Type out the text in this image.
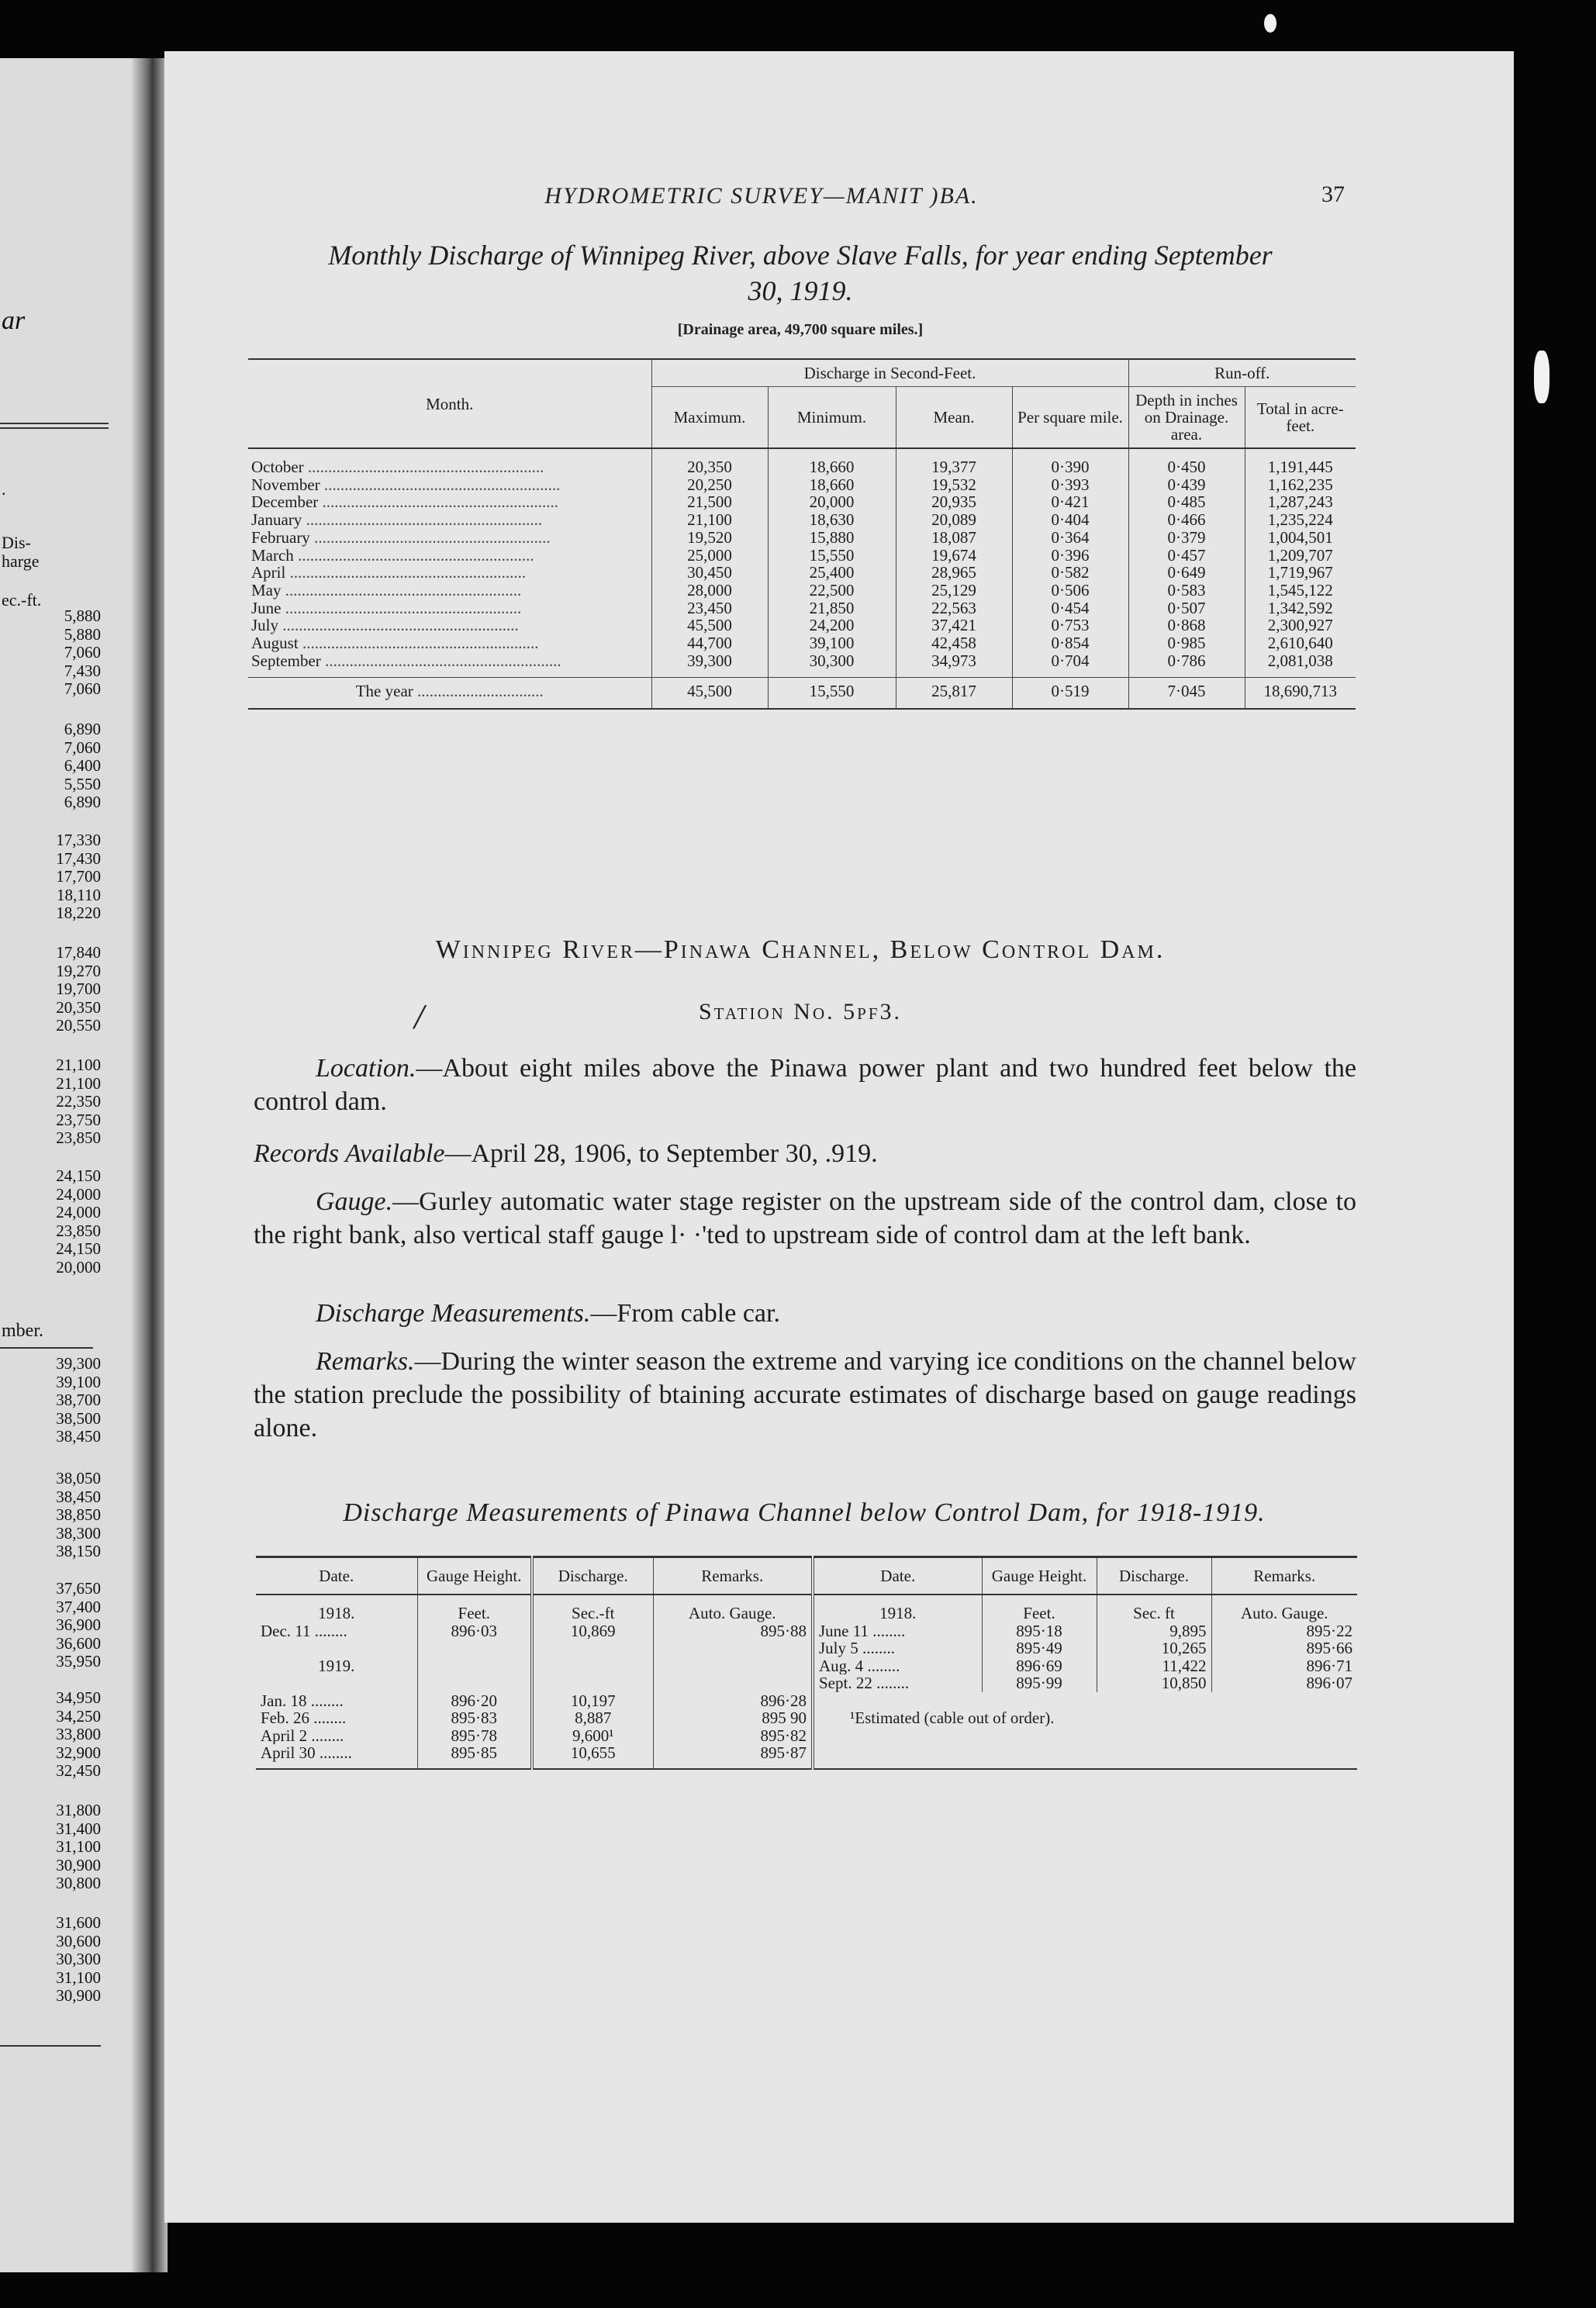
ar
.
Dis-
harge
ec.-ft.
5,880
5,880
7,060
7,430
7,060
6,890
7,060
6,400
5,550
6,890
17,330
17,430
17,700
18,110
18,220
17,840
19,270
19,700
20,350
20,550
21,100
21,100
22,350
23,750
23,850
24,150
24,000
24,000
23,850
24,150
20,000
mber.
39,300
39,100
38,700
38,500
38,450
38,050
38,450
38,850
38,300
38,150
37,650
37,400
36,900
36,600
35,950
34,950
34,250
33,800
32,900
32,450
31,800
31,400
31,100
30,900
30,800
31,600
30,600
30,300
31,100
30,900
HYDROMETRIC SURVEY—MANIT )BA.	37
Monthly Discharge of Winnipeg River, above Slave Falls, for year ending September
30, 1919.
[Drainage area, 49,700 square miles.]
Month.	Discharge in Second-Feet.				Run-off.	
	Maximum.	Minimum.	Mean.	Per square mile.	Depth in inches on Drainage. area.	Total in acre-feet.
October ..........................................................	20,350	18,660	19,377	0·390	0·450	1,191,445
November ..........................................................	20,250	18,660	19,532	0·393	0·439	1,162,235
December ..........................................................	21,500	20,000	20,935	0·421	0·485	1,287,243
January ..........................................................	21,100	18,630	20,089	0·404	0·466	1,235,224
February ..........................................................	19,520	15,880	18,087	0·364	0·379	1,004,501
March ..........................................................	25,000	15,550	19,674	0·396	0·457	1,209,707
April ..........................................................	30,450	25,400	28,965	0·582	0·649	1,719,967
May ..........................................................	28,000	22,500	25,129	0·506	0·583	1,545,122
June ..........................................................	23,450	21,850	22,563	0·454	0·507	1,342,592
July ..........................................................	45,500	24,200	37,421	0·753	0·868	2,300,927
August ..........................................................	44,700	39,100	42,458	0·854	0·985	2,610,640
September ..........................................................	39,300	30,300	34,973	0·704	0·786	2,081,038
The year ...............................	45,500	15,550	25,817	0·519	7·045	18,690,713
Winnipeg River—Pinawa Channel, Below Control Dam.
/	Station No. 5pf3.
Location.—About eight miles above the Pinawa power plant and two hundred feet below the control dam.
Records Available—April 28, 1906, to September 30, .919.
Gauge.—Gurley automatic water stage register on the upstream side of the control dam, close to the right bank, also vertical staff gauge l· ·'ted to upstream side of control dam at the left bank.
Discharge Measurements.—From cable car.
Remarks.—During the winter season the extreme and varying ice conditions on the channel below the station preclude the possibility of btaining accurate estimates of discharge based on gauge readings alone.
Discharge Measurements of Pinawa Channel below Control Dam, for 1918-1919.
Date.	Gauge Height.	Discharge.	Remarks.	Date.	Gauge Height.	Discharge.	Remarks.
1918.	Feet.	Sec.-ft	Auto. Gauge.	1918.	Feet.	Sec. ft	Auto. Gauge.
Dec. 11 ........	896·03	10,869	895·88	June 11 ........	895·18	9,895	895·22
				July 5 ........	895·49	10,265	895·66
1919.				Aug. 4 ........	896·69	11,422	896·71
				Sept. 22 ........	895·99	10,850	896·07
Jan. 18 ........	896·20	10,197	896·28				
Feb. 26 ........	895·83	8,887	895 90	¹Estimated (cable out of order).			
April 2 ........	895·78	9,600¹	895·82				
April 30 ........	895·85	10,655	895·87				
